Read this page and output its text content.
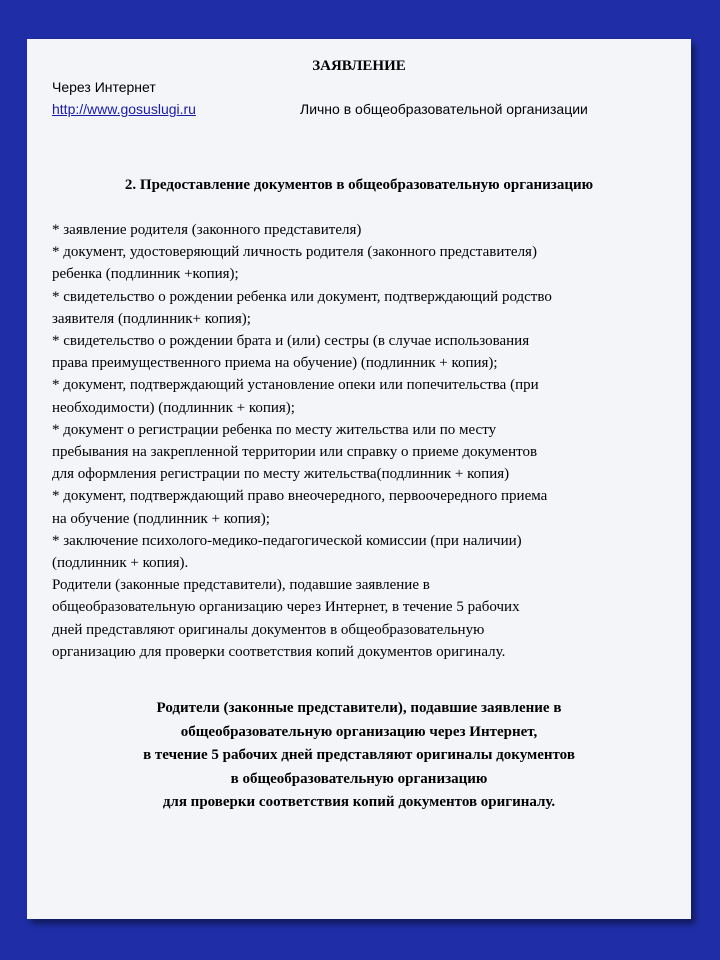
ЗАЯВЛЕНИЕ
Через Интернет
http://www.gosuslugi.ru	Лично в общеобразовательной организации
2. Предоставление документов в общеобразовательную организацию
* заявление родителя (законного представителя)
* документ, удостоверяющий личность родителя (законного представителя)
ребенка (подлинник +копия);
* свидетельство о рождении ребенка или документ, подтверждающий родство
заявителя (подлинник+ копия);
* свидетельство о рождении брата и (или) сестры (в случае использования
права преимущественного приема на обучение) (подлинник + копия);
* документ, подтверждающий установление опеки или попечительства (при
необходимости) (подлинник + копия);
* документ о регистрации ребенка по месту жительства или по месту
пребывания на закрепленной территории или справку о приеме документов
для оформления регистрации по месту жительства(подлинник + копия)
* документ, подтверждающий право внеочередного, первоочередного приема
на обучение (подлинник + копия);
* заключение психолого-медико-педагогической комиссии (при наличии)
(подлинник + копия).
Родители (законные представители), подавшие заявление в
общеобразовательную организацию через Интернет, в течение 5 рабочих
дней представляют оригиналы документов в общеобразовательную
организацию для проверки соответствия копий документов оригиналу.
Родители (законные представители), подавшие заявление в
общеобразовательную организацию через Интернет,
в течение 5 рабочих дней представляют оригиналы документов
в общеобразовательную организацию
для проверки соответствия копий документов оригиналу.
